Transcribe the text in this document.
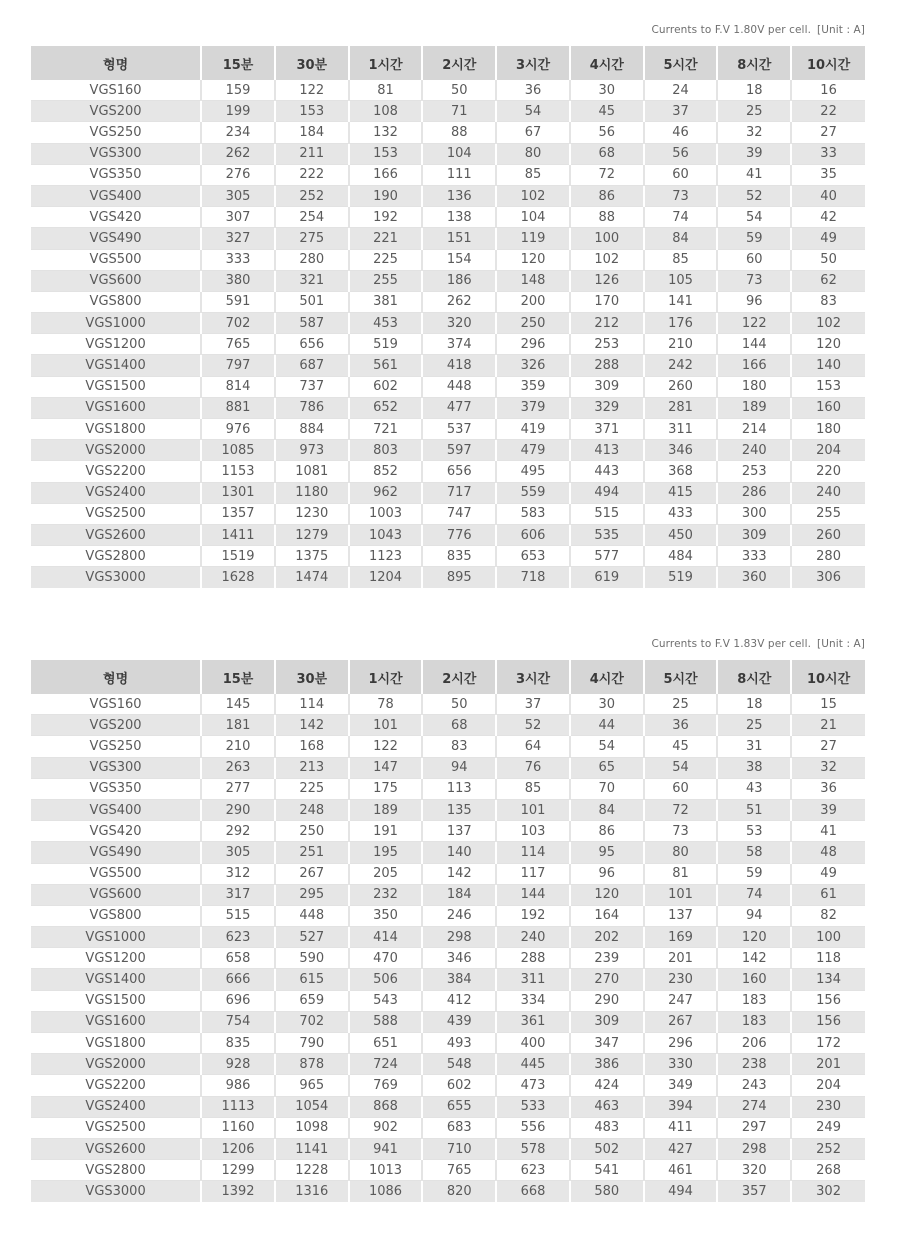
Currents to F.V 1.80V per cell. [Unit : A]
형명	15분	30분	1시간	2시간	3시간	4시간	5시간	8시간	10시간
VGS160	159	122	81	50	36	30	24	18	16
VGS200	199	153	108	71	54	45	37	25	22
VGS250	234	184	132	88	67	56	46	32	27
VGS300	262	211	153	104	80	68	56	39	33
VGS350	276	222	166	111	85	72	60	41	35
VGS400	305	252	190	136	102	86	73	52	40
VGS420	307	254	192	138	104	88	74	54	42
VGS490	327	275	221	151	119	100	84	59	49
VGS500	333	280	225	154	120	102	85	60	50
VGS600	380	321	255	186	148	126	105	73	62
VGS800	591	501	381	262	200	170	141	96	83
VGS1000	702	587	453	320	250	212	176	122	102
VGS1200	765	656	519	374	296	253	210	144	120
VGS1400	797	687	561	418	326	288	242	166	140
VGS1500	814	737	602	448	359	309	260	180	153
VGS1600	881	786	652	477	379	329	281	189	160
VGS1800	976	884	721	537	419	371	311	214	180
VGS2000	1085	973	803	597	479	413	346	240	204
VGS2200	1153	1081	852	656	495	443	368	253	220
VGS2400	1301	1180	962	717	559	494	415	286	240
VGS2500	1357	1230	1003	747	583	515	433	300	255
VGS2600	1411	1279	1043	776	606	535	450	309	260
VGS2800	1519	1375	1123	835	653	577	484	333	280
VGS3000	1628	1474	1204	895	718	619	519	360	306
Currents to F.V 1.83V per cell. [Unit : A]
형명	15분	30분	1시간	2시간	3시간	4시간	5시간	8시간	10시간
VGS160	145	114	78	50	37	30	25	18	15
VGS200	181	142	101	68	52	44	36	25	21
VGS250	210	168	122	83	64	54	45	31	27
VGS300	263	213	147	94	76	65	54	38	32
VGS350	277	225	175	113	85	70	60	43	36
VGS400	290	248	189	135	101	84	72	51	39
VGS420	292	250	191	137	103	86	73	53	41
VGS490	305	251	195	140	114	95	80	58	48
VGS500	312	267	205	142	117	96	81	59	49
VGS600	317	295	232	184	144	120	101	74	61
VGS800	515	448	350	246	192	164	137	94	82
VGS1000	623	527	414	298	240	202	169	120	100
VGS1200	658	590	470	346	288	239	201	142	118
VGS1400	666	615	506	384	311	270	230	160	134
VGS1500	696	659	543	412	334	290	247	183	156
VGS1600	754	702	588	439	361	309	267	183	156
VGS1800	835	790	651	493	400	347	296	206	172
VGS2000	928	878	724	548	445	386	330	238	201
VGS2200	986	965	769	602	473	424	349	243	204
VGS2400	1113	1054	868	655	533	463	394	274	230
VGS2500	1160	1098	902	683	556	483	411	297	249
VGS2600	1206	1141	941	710	578	502	427	298	252
VGS2800	1299	1228	1013	765	623	541	461	320	268
VGS3000	1392	1316	1086	820	668	580	494	357	302
